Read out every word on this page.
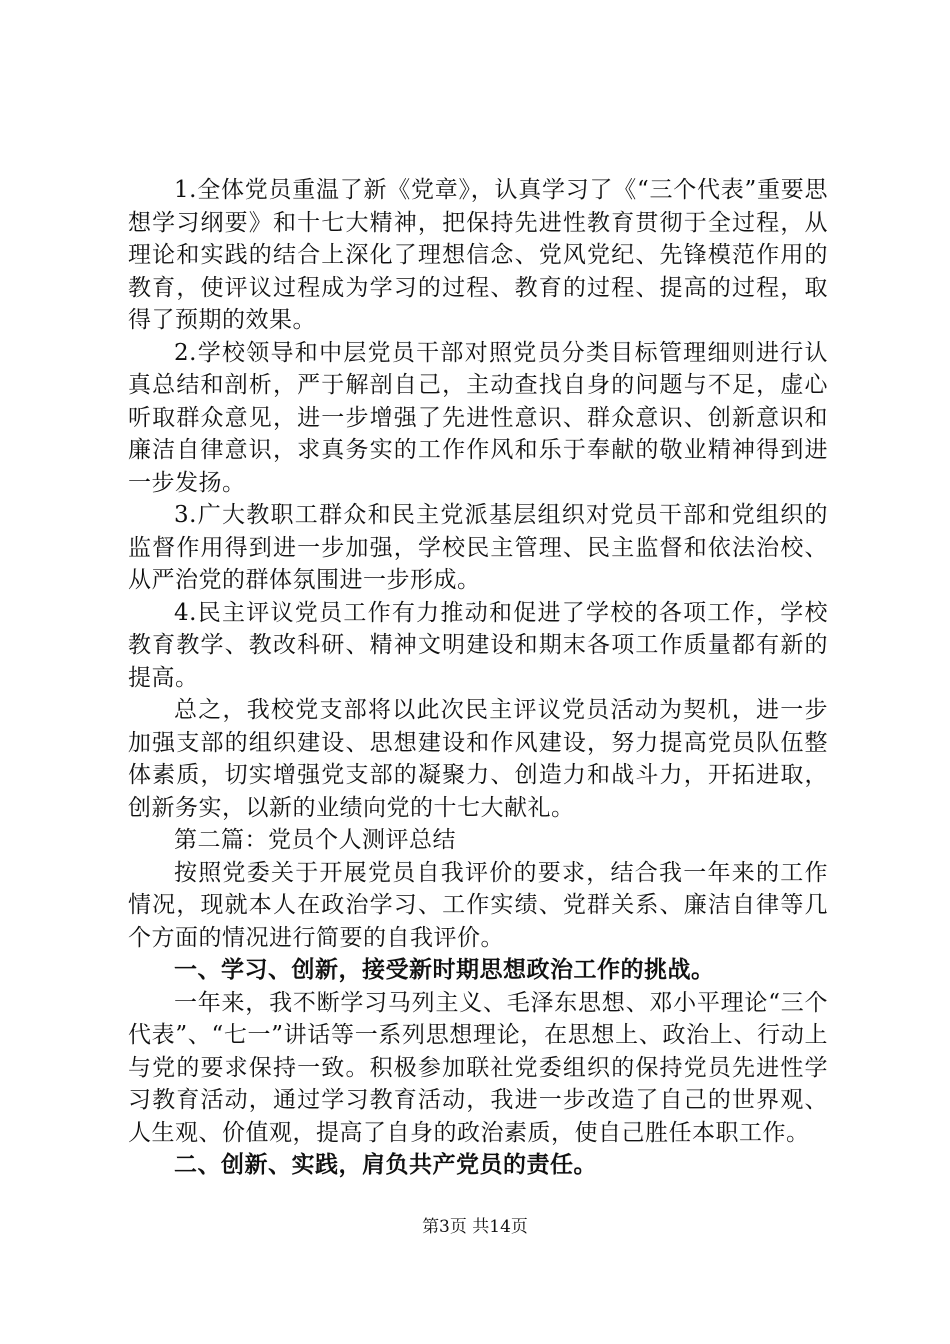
1.全体党员重温了新《党章》，认真学习了《“三个代表”重要思想学习纲要》和十七大精神，把保持先进性教育贯彻于全过程，从理论和实践的结合上深化了理想信念、党风党纪、先锋模范作用的教育，使评议过程成为学习的过程、教育的过程、提高的过程，取得了预期的效果。

2.学校领导和中层党员干部对照党员分类目标管理细则进行认真总结和剖析，严于解剖自己，主动查找自身的问题与不足，虚心听取群众意见，进一步增强了先进性意识、群众意识、创新意识和廉洁自律意识，求真务实的工作作风和乐于奉献的敬业精神得到进一步发扬。

3.广大教职工群众和民主党派基层组织对党员干部和党组织的监督作用得到进一步加强，学校民主管理、民主监督和依法治校、从严治党的群体氛围进一步形成。

4.民主评议党员工作有力推动和促进了学校的各项工作，学校教育教学、教改科研、精神文明建设和期末各项工作质量都有新的提高。

总之，我校党支部将以此次民主评议党员活动为契机，进一步加强支部的组织建设、思想建设和作风建设，努力提高党员队伍整体素质，切实增强党支部的凝聚力、创造力和战斗力，开拓进取，创新务实，以新的业绩向党的十七大献礼。

第二篇：党员个人测评总结

按照党委关于开展党员自我评价的要求，结合我一年来的工作情况，现就本人在政治学习、工作实绩、党群关系、廉洁自律等几个方面的情况进行简要的自我评价。

一、学习、创新，接受新时期思想政治工作的挑战。

一年来，我不断学习马列主义、毛泽东思想、邓小平理论“三个代表”、“七一”讲话等一系列思想理论，在思想上、政治上、行动上与党的要求保持一致。积极参加联社党委组织的保持党员先进性学习教育活动，通过学习教育活动，我进一步改造了自己的世界观、人生观、价值观，提高了自身的政治素质，使自己胜任本职工作。

二、创新、实践，肩负共产党员的责任。

第3页 共14页
